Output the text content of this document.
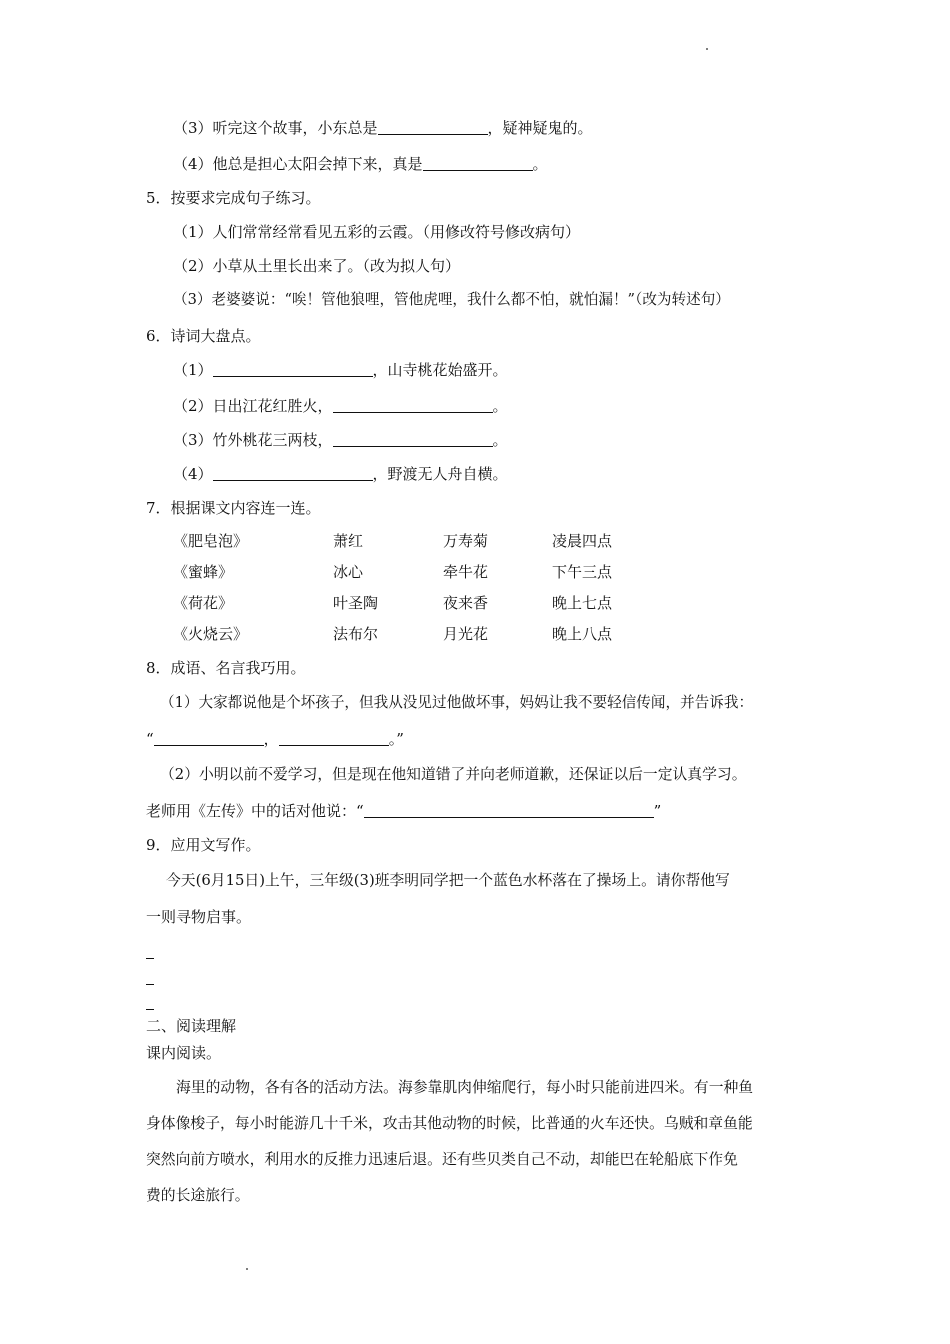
（3）听完这个故事，小东总是	，疑神疑鬼的。
（4）他总是担心太阳会掉下来，真是	。
5．按要求完成句子练习。
（1）人们常常经常看见五彩的云霞。（用修改符号修改病句）
（2）小草从土里长出来了。（改为拟人句）
（3）老婆婆说：“唉！管他狼哩，管他虎哩，我什么都不怕，就怕漏！”（改为转述句）
6．诗词大盘点。
（1）	，山寺桃花始盛开。
（2）日出江花红胜火，	。
（3）竹外桃花三两枝，	。
（4）	，野渡无人舟自横。
7．根据课文内容连一连。
《肥皂泡》	萧红	万寿菊	凌晨四点
《蜜蜂》	冰心	牵牛花	下午三点
《荷花》	叶圣陶	夜来香	晚上七点
《火烧云》	法布尔	月光花	晚上八点
8．成语、名言我巧用。
（1）大家都说他是个坏孩子，但我从没见过他做坏事，妈妈让我不要轻信传闻，并告诉我：
“	，	。”
（2）小明以前不爱学习，但是现在他知道错了并向老师道歉，还保证以后一定认真学习。
老师用《左传》中的话对他说：“	”
9．应用文写作。
今天(6月15日)上午，三年级(3)班李明同学把一个蓝色水杯落在了操场上。请你帮他写
一则寻物启事。
二、阅读理解
课内阅读。
海里的动物，各有各的活动方法。海参靠肌肉伸缩爬行，每小时只能前进四米。有一种鱼
身体像梭子，每小时能游几十千米，攻击其他动物的时候，比普通的火车还快。乌贼和章鱼能
突然向前方喷水，利用水的反推力迅速后退。还有些贝类自己不动，却能巴在轮船底下作免
费的长途旅行。
